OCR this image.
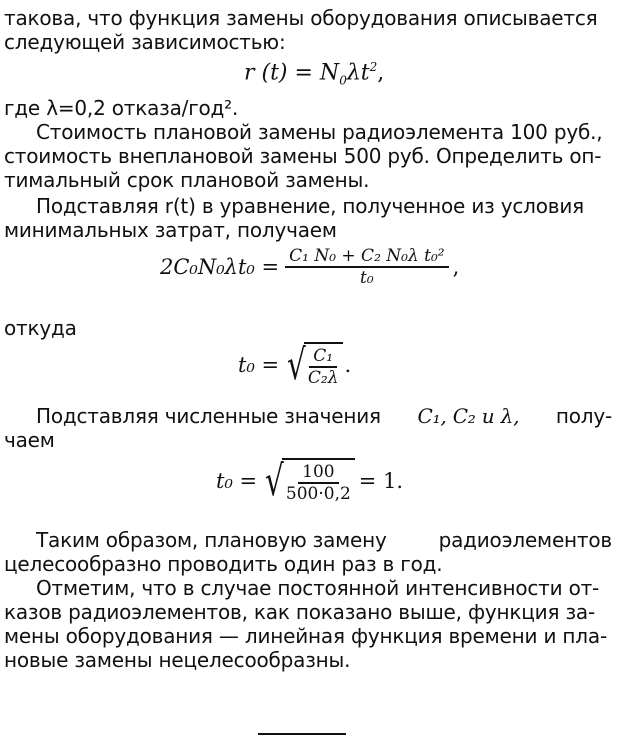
такова, что функция замены оборудования описывается
следующей зависимостью:
r $(t) = N_0\lambda t^2$,
где λ=0,2 отказа/год².
Стоимость плановой замены радиоэлемента 100 руб.,
стоимость внеплановой замены 500 руб. Определить оп-
тимальный срок плановой замены.
Подставляя r(t) в уравнение, полученное из условия
минимальных затрат, получаем
$2C_0N_0\lambda t_0 = \frac{\text{C₁ N₀ + C₂ N₀λ t₀²}}{\text{t₀}}$ ,
откуда
t₀ = √
$\frac{\text{C₁}}{\text{C₂λ}}$ .
Подставляя численные значения C₁, C₂ и λ, полу-
чаем
t₀ = √
$\frac{100}{500\cdot 0,2} = 1$.
Таким образом, плановую замену	радиоэлементов
целесообразно проводить один раз в год.
Отметим, что в случае постоянной интенсивности от-
казов радиоэлементов, как показано выше, функция за-
мены оборудования — линейная функция времени и пла-
новые замены нецелесообразны.
